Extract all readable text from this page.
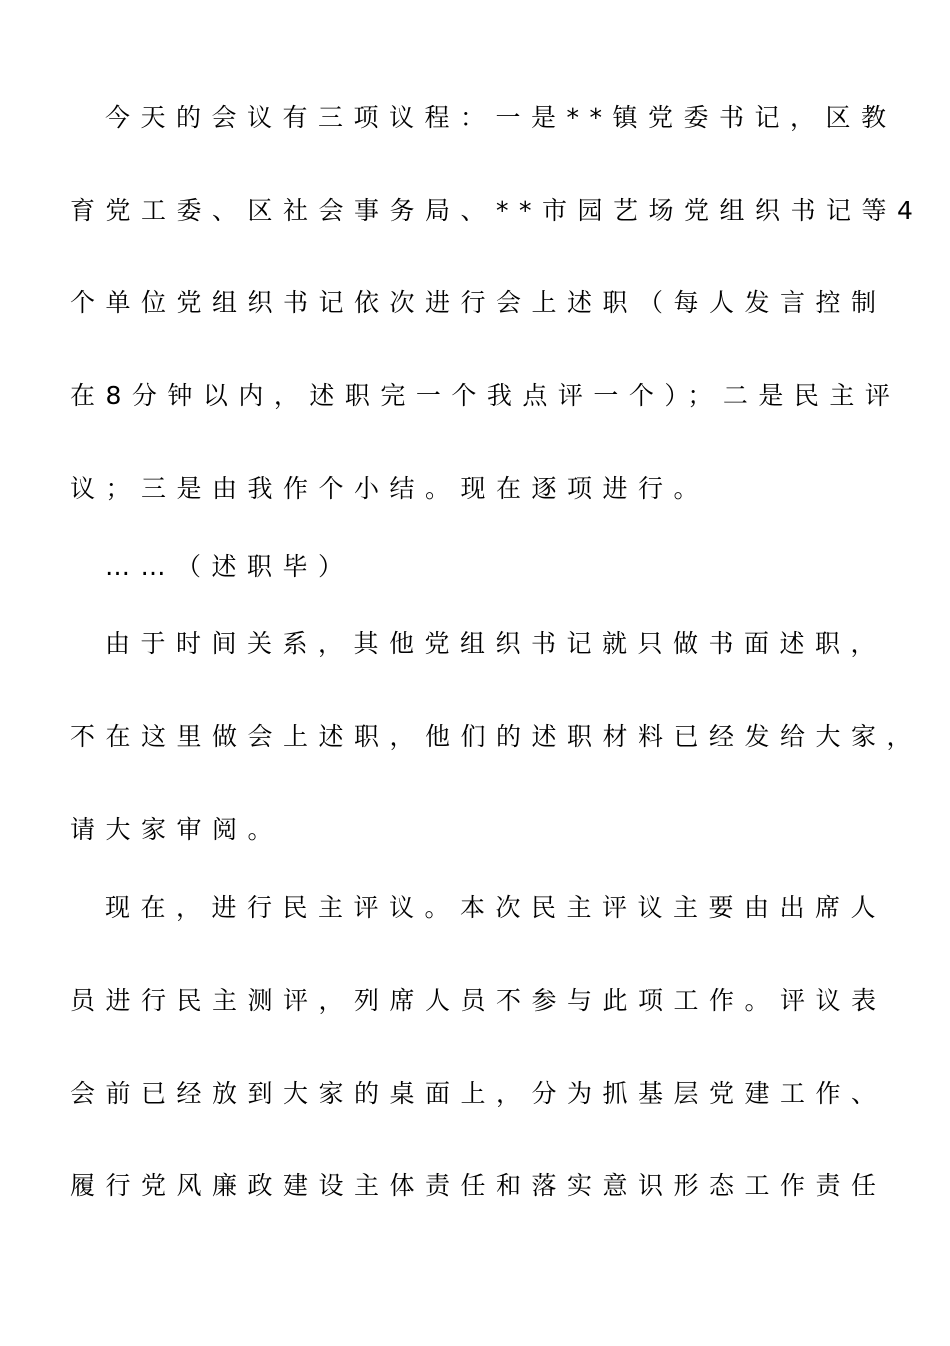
今天的会议有三项议程：一是**镇党委书记，区教
育党工委、区社会事务局、**市园艺场党组织书记等4
个单位党组织书记依次进行会上述职（每人发言控制
在8分钟以内，述职完一个我点评一个）；二是民主评
议；三是由我作个小结。现在逐项进行。
……（述职毕）
由于时间关系，其他党组织书记就只做书面述职，
不在这里做会上述职，他们的述职材料已经发给大家，
请大家审阅。
现在，进行民主评议。本次民主评议主要由出席人
员进行民主测评，列席人员不参与此项工作。评议表
会前已经放到大家的桌面上，分为抓基层党建工作、
履行党风廉政建设主体责任和落实意识形态工作责任
